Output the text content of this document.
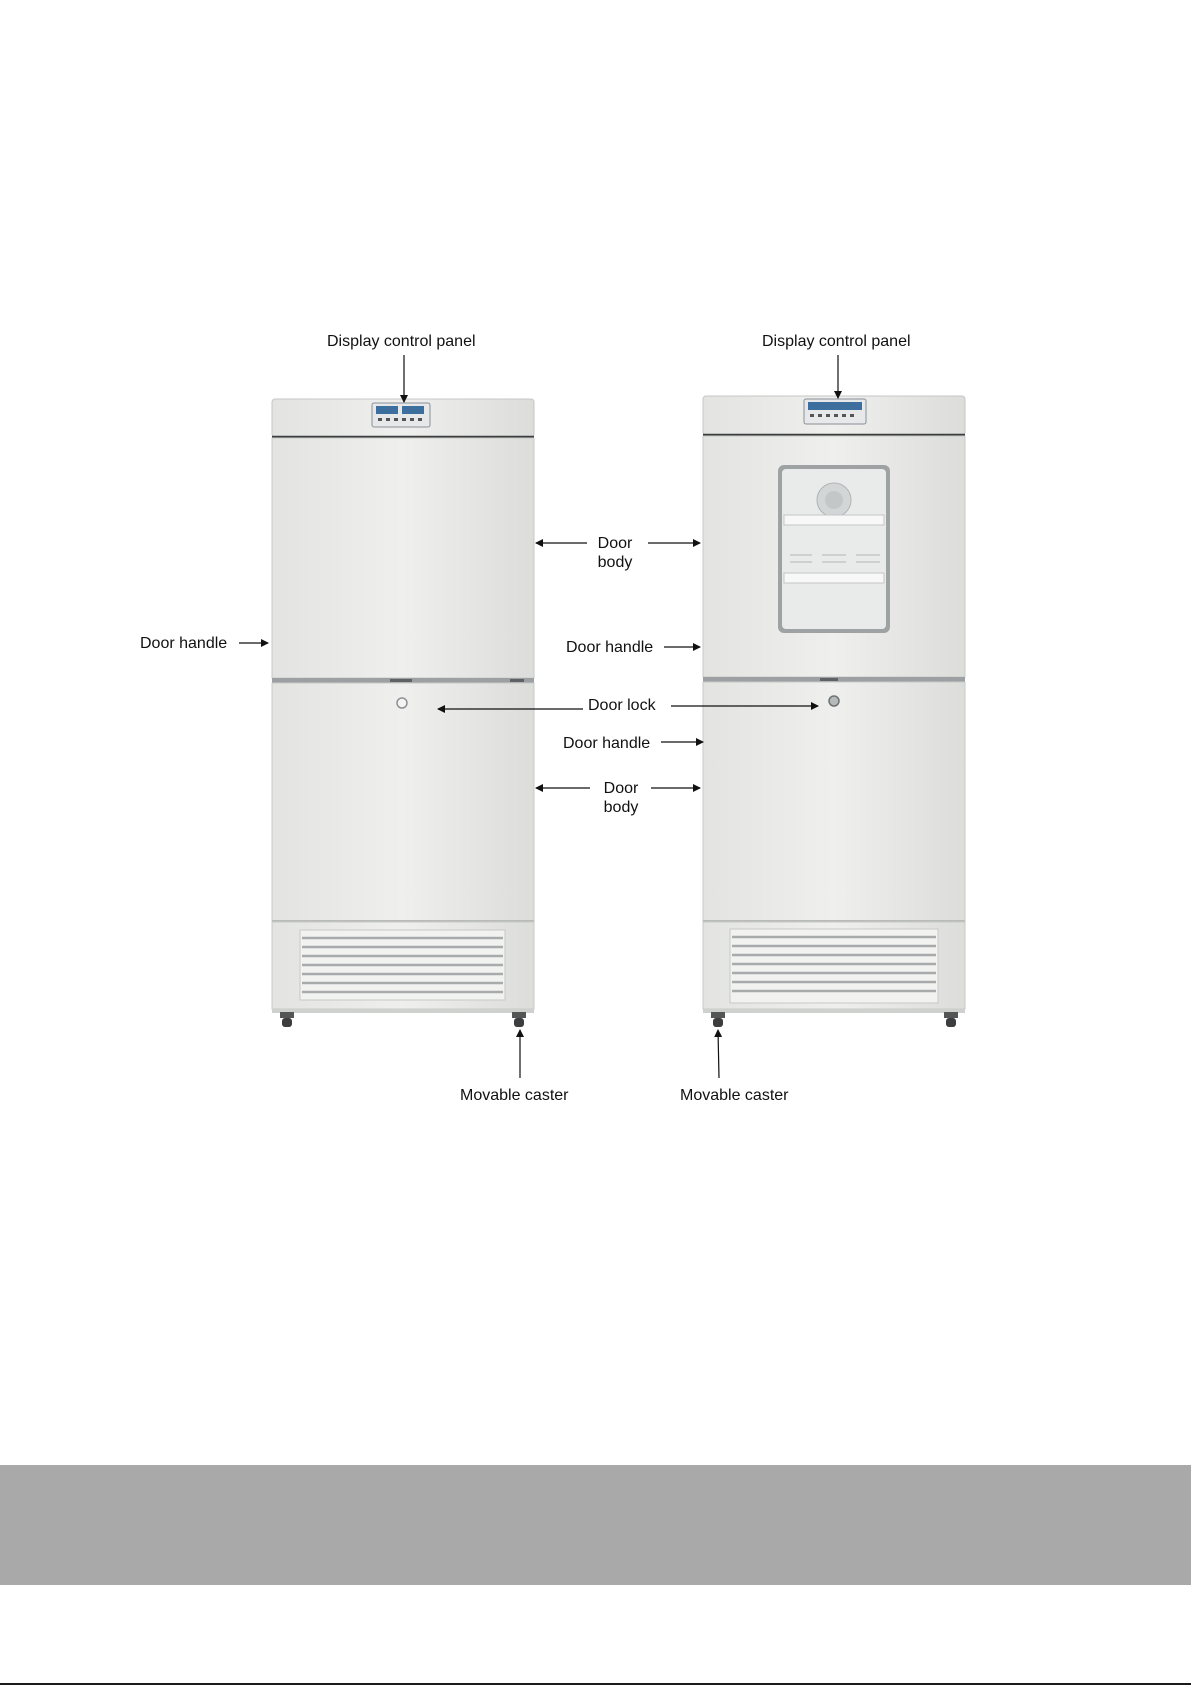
Display control panel	Display control panel
Door
body
Door handle	Door handle
Door lock
Door handle
Door
body
Movable caster	Movable caster
